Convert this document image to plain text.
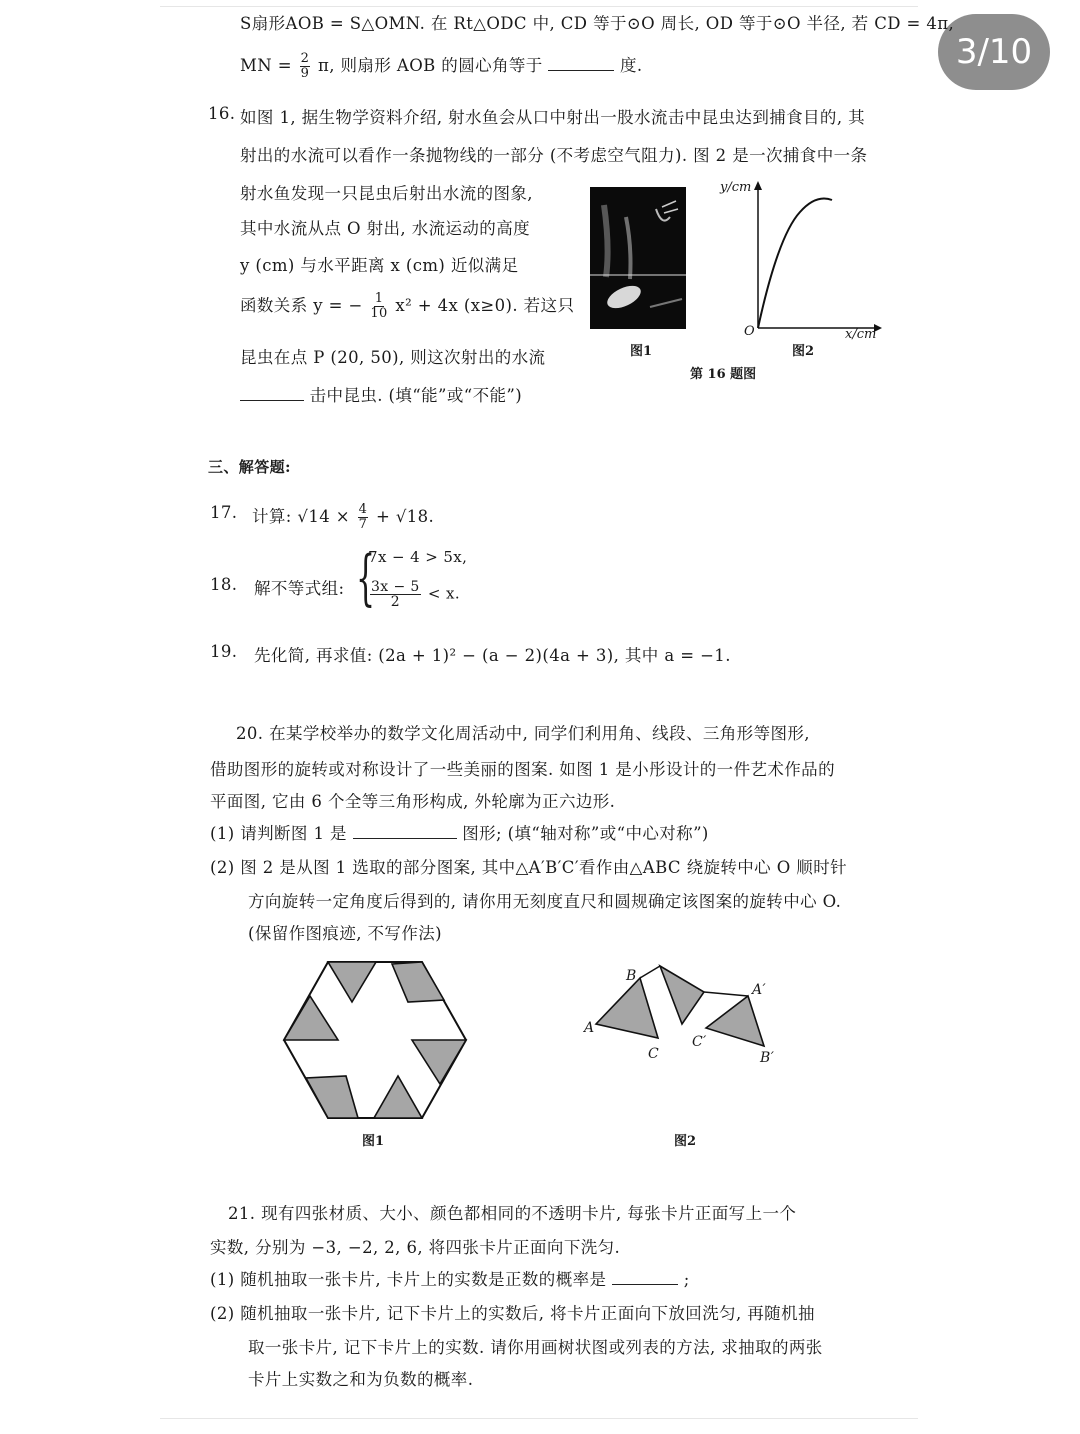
3/10
S扇形AOB = S△OMN. 在 Rt△ODC 中, CD 等于⊙O 周长, OD 等于⊙O 半径, 若 CD = 4π,
MN = $\frac{2}{9} \pi$, 则扇形 AOB 的圆心角等于	度.
16. 如图 1, 据生物学资料介绍, 射水鱼会从口中射出一股水流击中昆虫达到捕食目的, 其
射出的水流可以看作一条抛物线的一部分 (不考虑空气阻力). 图 2 是一次捕食中一条
射水鱼发现一只昆虫后射出水流的图象,
其中水流从点 O 射出, 水流运动的高度
y (cm) 与水平距离 x (cm) 近似满足
函数关系 y = − $\frac{1}{10} x^2 + 4x$ (x≥0). 若这只
昆虫在点 P (20, 50), 则这次射出的水流
击中昆虫. (填“能”或“不能”)
图1
y/cm
x/cm
O
图2
第 16 题图
三、解答题:
17. 计算: $√14 \times \frac{4}{7} + √18$.
18. 解不等式组: {
7x − 4 > 5x,
$\frac{3x - 5}{2} < x$.
19. 先化简, 再求值: (2a + 1)² − (a − 2)(4a + 3), 其中 a = −1.
20. 在某学校举办的数学文化周活动中, 同学们利用角、线段、三角形等图形,
借助图形的旋转或对称设计了一些美丽的图案. 如图 1 是小彤设计的一件艺术作品的
平面图, 它由 6 个全等三角形构成, 外轮廓为正六边形.
(1) 请判断图 1 是	图形; (填“轴对称”或“中心对称”)
(2) 图 2 是从图 1 选取的部分图案, 其中△A′B′C′看作由△ABC 绕旋转中心 O 顺时针
方向旋转一定角度后得到的, 请你用无刻度直尺和圆规确定该图案的旋转中心 O.
(保留作图痕迹, 不写作法)
图1
A
B
C
A′
B′
C′
图2
21. 现有四张材质、大小、颜色都相同的不透明卡片, 每张卡片正面写上一个
实数, 分别为 −3, −2, 2, 6, 将四张卡片正面向下洗匀.
(1) 随机抽取一张卡片, 卡片上的实数是正数的概率是	;
(2) 随机抽取一张卡片, 记下卡片上的实数后, 将卡片正面向下放回洗匀, 再随机抽
取一张卡片, 记下卡片上的实数. 请你用画树状图或列表的方法, 求抽取的两张
卡片上实数之和为负数的概率.
